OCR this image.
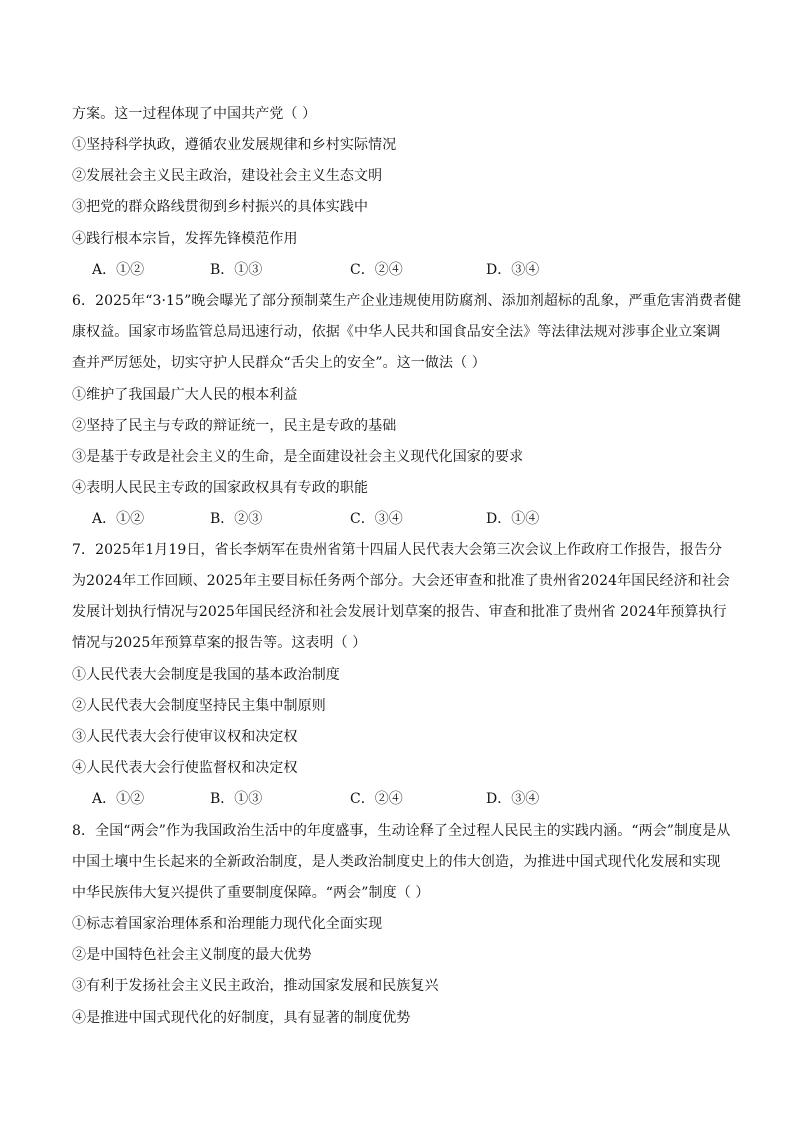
方案。这一过程体现了中国共产党（ ）
①坚持科学执政，遵循农业发展规律和乡村实际情况
②发展社会主义民主政治，建设社会主义生态文明
③把党的群众路线贯彻到乡村振兴的具体实践中
④践行根本宗旨，发挥先锋模范作用
A．①②	B．①③	C．②④	D．③④
6．2025年“3·15”晚会曝光了部分预制菜生产企业违规使用防腐剂、添加剂超标的乱象，严重危害消费者健
康权益。国家市场监管总局迅速行动，依据《中华人民共和国食品安全法》等法律法规对涉事企业立案调
查并严厉惩处，切实守护人民群众“舌尖上的安全”。这一做法（ ）
①维护了我国最广大人民的根本利益
②坚持了民主与专政的辩证统一，民主是专政的基础
③是基于专政是社会主义的生命，是全面建设社会主义现代化国家的要求
④表明人民民主专政的国家政权具有专政的职能
A．①②	B．②③	C．③④	D．①④
7．2025年1月19日，省长李炳军在贵州省第十四届人民代表大会第三次会议上作政府工作报告，报告分
为2024年工作回顾、2025年主要目标任务两个部分。大会还审查和批准了贵州省2024年国民经济和社会
发展计划执行情况与2025年国民经济和社会发展计划草案的报告、审查和批准了贵州省 2024年预算执行
情况与2025年预算草案的报告等。这表明（ ）
①人民代表大会制度是我国的基本政治制度
②人民代表大会制度坚持民主集中制原则
③人民代表大会行使审议权和决定权
④人民代表大会行使监督权和决定权
A．①②	B．①③	C．②④	D．③④
8．全国“两会”作为我国政治生活中的年度盛事，生动诠释了全过程人民民主的实践内涵。“两会”制度是从
中国土壤中生长起来的全新政治制度，是人类政治制度史上的伟大创造，为推进中国式现代化发展和实现
中华民族伟大复兴提供了重要制度保障。“两会”制度（ ）
①标志着国家治理体系和治理能力现代化全面实现
②是中国特色社会主义制度的最大优势
③有利于发扬社会主义民主政治，推动国家发展和民族复兴
④是推进中国式现代化的好制度，具有显著的制度优势
